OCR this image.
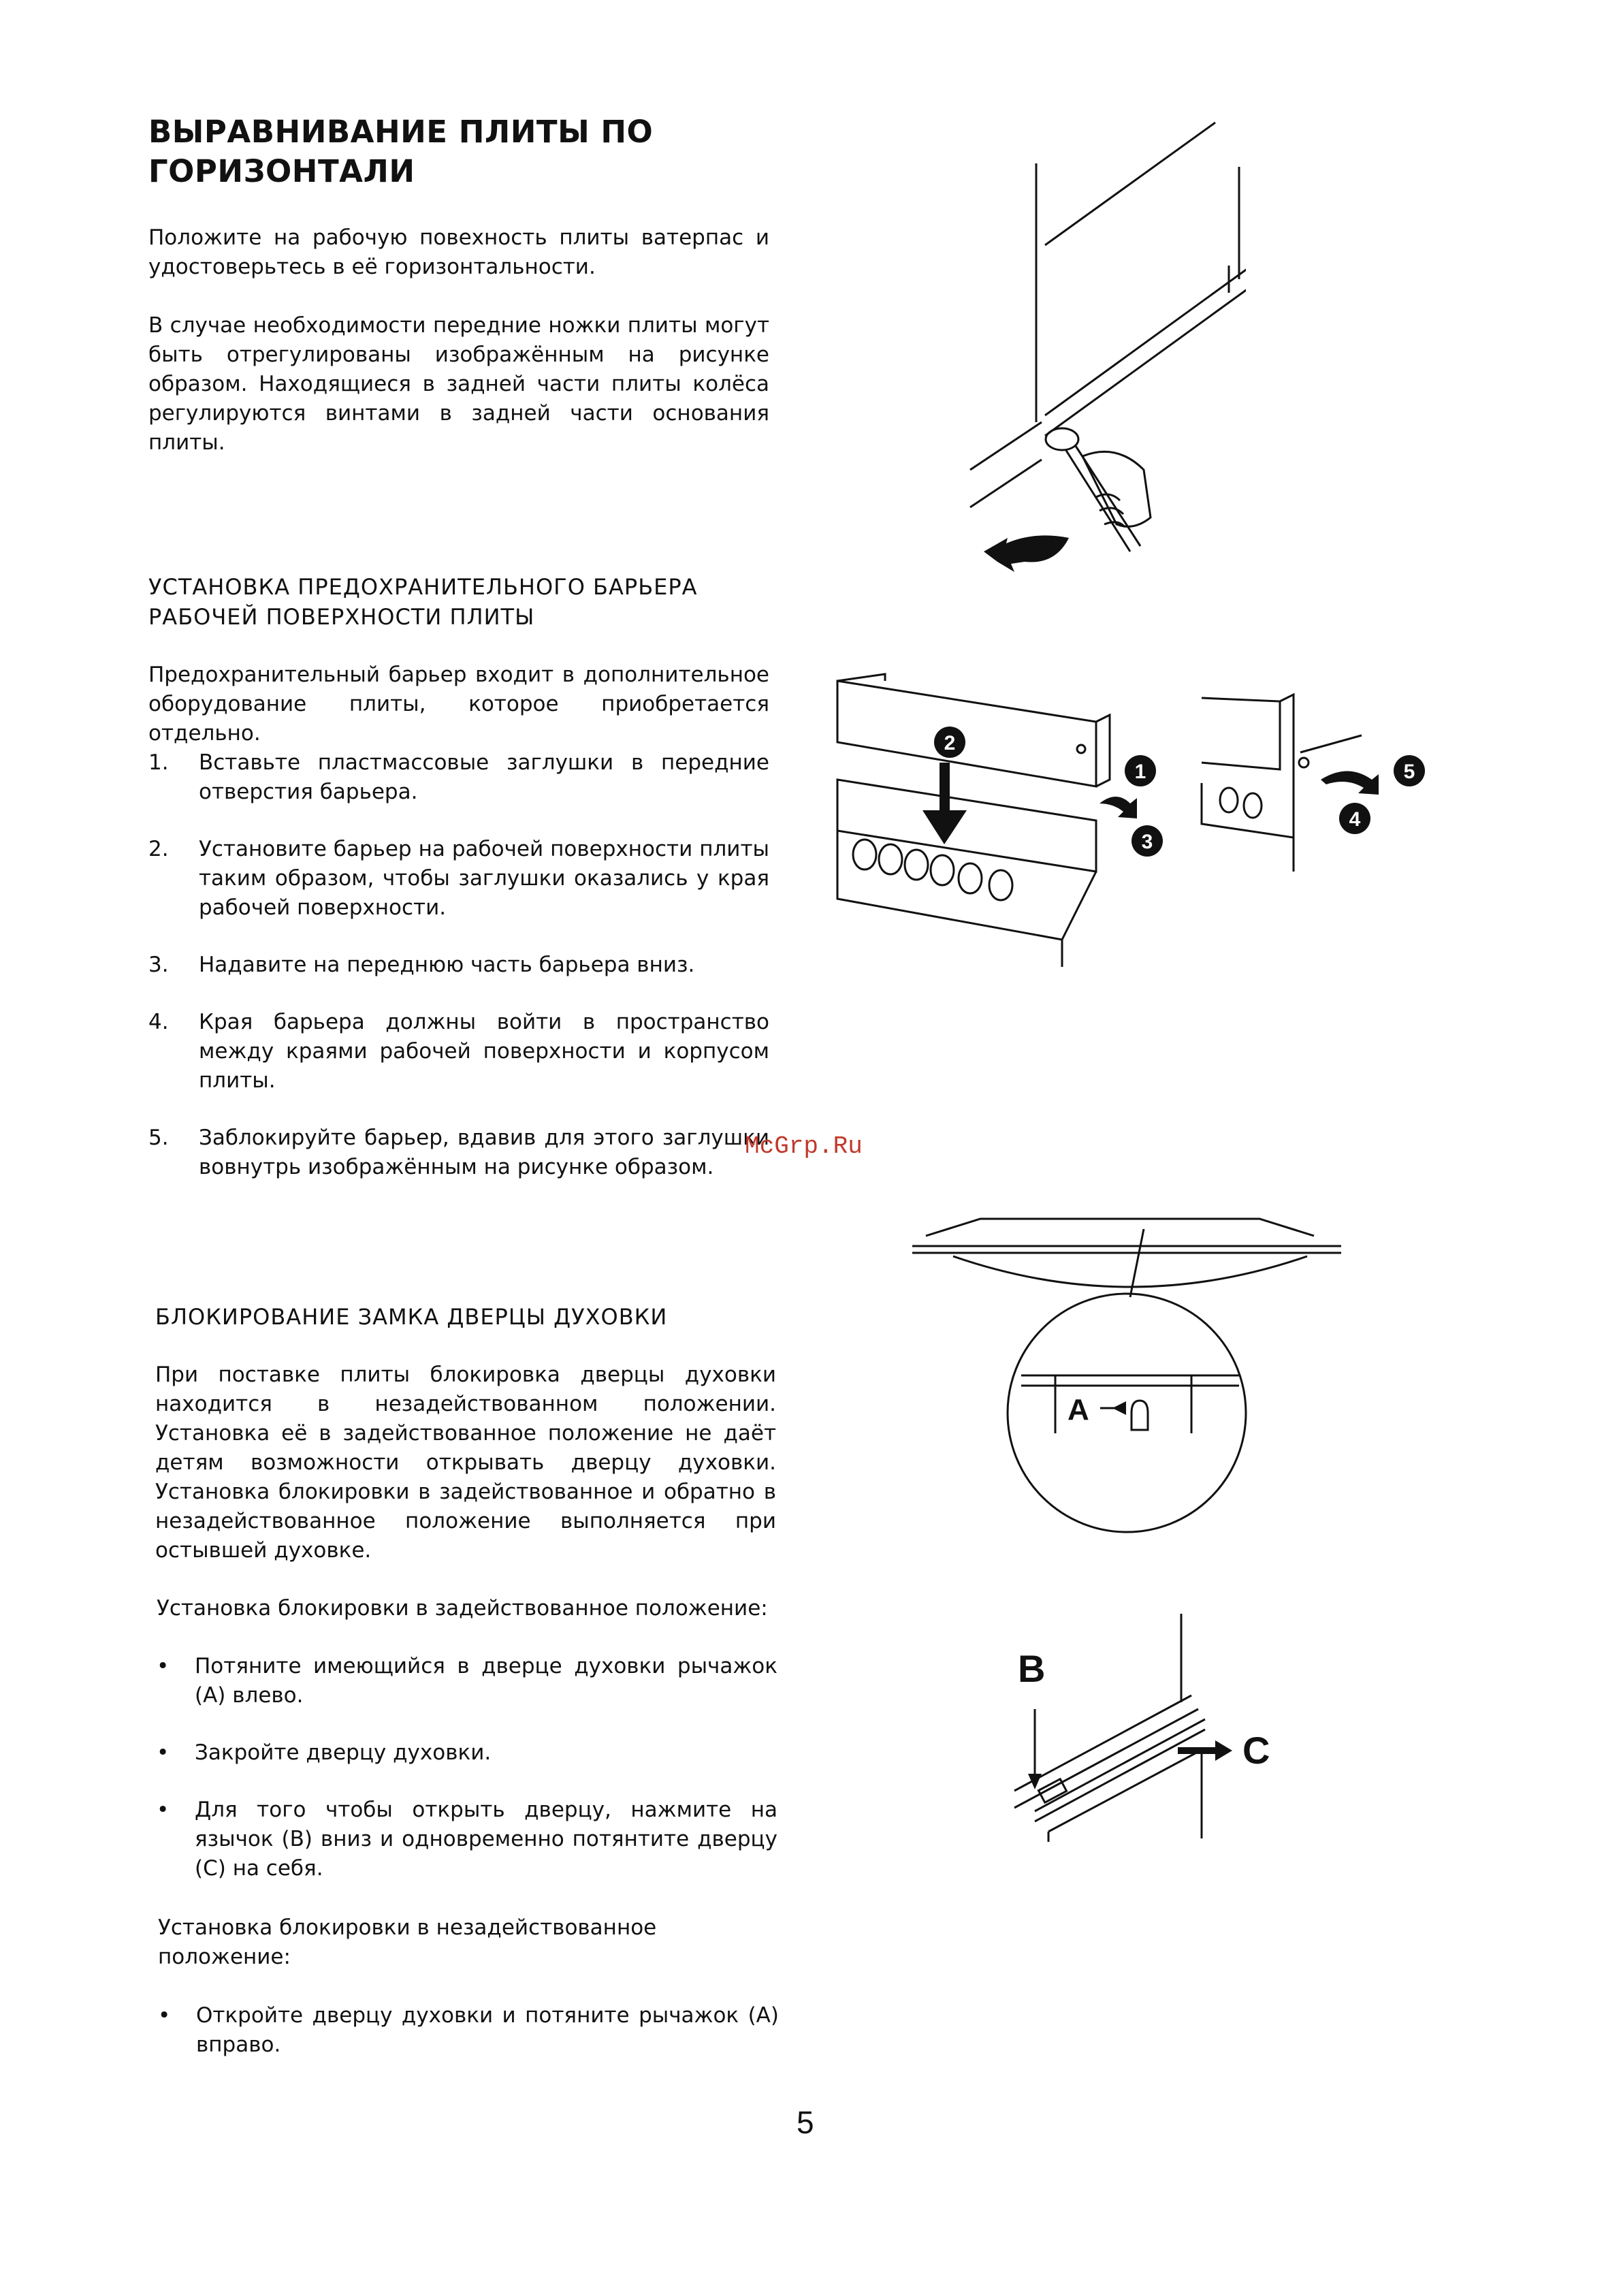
ВЫРАВНИВАНИЕ ПЛИТЫ ПО
ГОРИЗОНТАЛИ
Положите на рабочую повехность плиты ватерпас и удостоверьтесь в её горизонтальности.
В случае необходимости передние ножки плиты могут быть отрегулированы изображённым на рисунке образом. Находящиеся в задней части плиты колёса регулируются винтами в задней части основания плиты.
УСТАНОВКА ПРЕДОХРАНИТЕЛЬНОГО БАРЬЕРА
РАБОЧЕЙ ПОВЕРХНОСТИ ПЛИТЫ
Предохранительный барьер входит в дополнительное оборудование плиты, которое приобретается отдельно.
1.	Вставьте пластмассовые заглушки в передние отверстия барьера.
2.	Установите барьер на рабочей поверхности плиты таким образом, чтобы заглушки оказались у края рабочей поверхности.
3.	Надавите на переднюю часть барьера вниз.
4.	Края барьера должны войти в пространство между краями рабочей поверхности и корпусом плиты.
5.	Заблокируйте барьер, вдавив для этого заглушки вовнутрь изображённым на рисунке образом.
2
1
3
4
5
McGrp.Ru
БЛОКИРОВАНИЕ ЗАМКА ДВЕРЦЫ ДУХОВКИ
При поставке плиты блокировка дверцы духовки находится в незадействованном положении. Установка её в задействованное положение не даёт детям возможности открывать дверцу духовки. Установка блокировки в задействованное и обратно в незадействованное положение выполняется при остывшей духовке.
Установка блокировки в задействованное положение:
•	Потяните имеющийся в дверце духовки рычажок (A) влево.
•	Закройте дверцу духовки.
•	Для того чтобы открыть дверцу, нажмите на язычок (B) вниз и одновременно потянтите дверцу (C) на себя.
Установка блокировки в незадействованное положение:
•	Откройте дверцу духовки и потяните рычажок (A) вправо.
A
B
C
5
